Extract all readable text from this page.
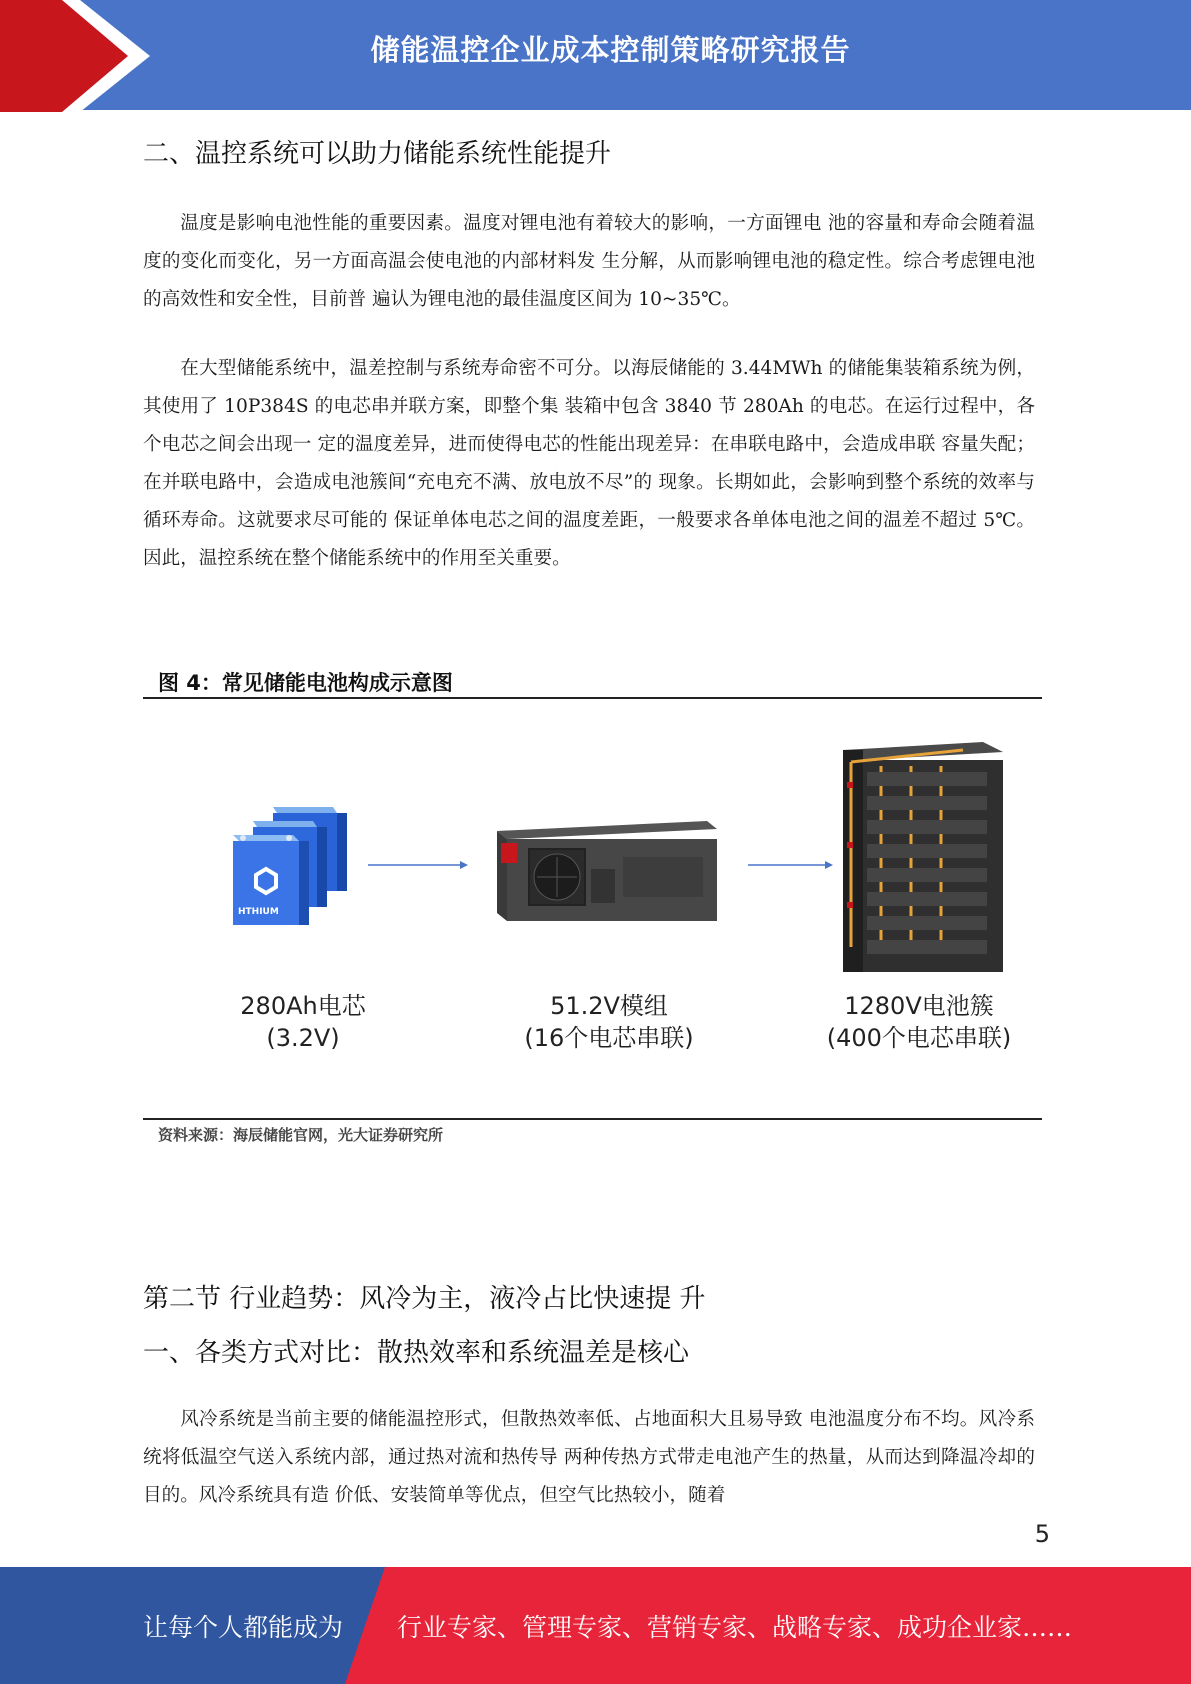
储能温控企业成本控制策略研究报告
二、温控系统可以助力储能系统性能提升

温度是影响电池性能的重要因素。温度对锂电池有着较大的影响，一方面锂电 池的容量和寿命会随着温度的变化而变化，另一方面高温会使电池的内部材料发 生分解，从而影响锂电池的稳定性。综合考虑锂电池的高效性和安全性，目前普 遍认为锂电池的最佳温度区间为 10~35℃。

在大型储能系统中，温差控制与系统寿命密不可分。以海辰储能的 3.44MWh 的储能集装箱系统为例，其使用了 10P384S 的电芯串并联方案，即整个集 装箱中包含 3840 节 280Ah 的电芯。在运行过程中，各个电芯之间会出现一 定的温度差异，进而使得电芯的性能出现差异：在串联电路中，会造成串联 容量失配；在并联电路中，会造成电池簇间“充电充不满、放电放不尽”的 现象。长期如此，会影响到整个系统的效率与循环寿命。这就要求尽可能的 保证单体电芯之间的温度差距，一般要求各单体电池之间的温差不超过 5℃。 因此，温控系统在整个储能系统中的作用至关重要。

图 4：常见储能电池构成示意图
HTHIUM
280Ah电芯
(3.2V)
51.2V模组
(16个电芯串联)
1280V电池簇
(400个电芯串联)
资料来源：海辰储能官网，光大证券研究所
第二节 行业趋势：风冷为主，液冷占比快速提 升
一、各类方式对比：散热效率和系统温差是核心

风冷系统是当前主要的储能温控形式，但散热效率低、占地面积大且易导致 电池温度分布不均。风冷系统将低温空气送入系统内部，通过热对流和热传导 两种传热方式带走电池产生的热量，从而达到降温冷却的目的。风冷系统具有造 价低、安装简单等优点，但空气比热较小，随着

5
让每个人都能成为 行业专家、管理专家、营销专家、战略专家、成功企业家……
